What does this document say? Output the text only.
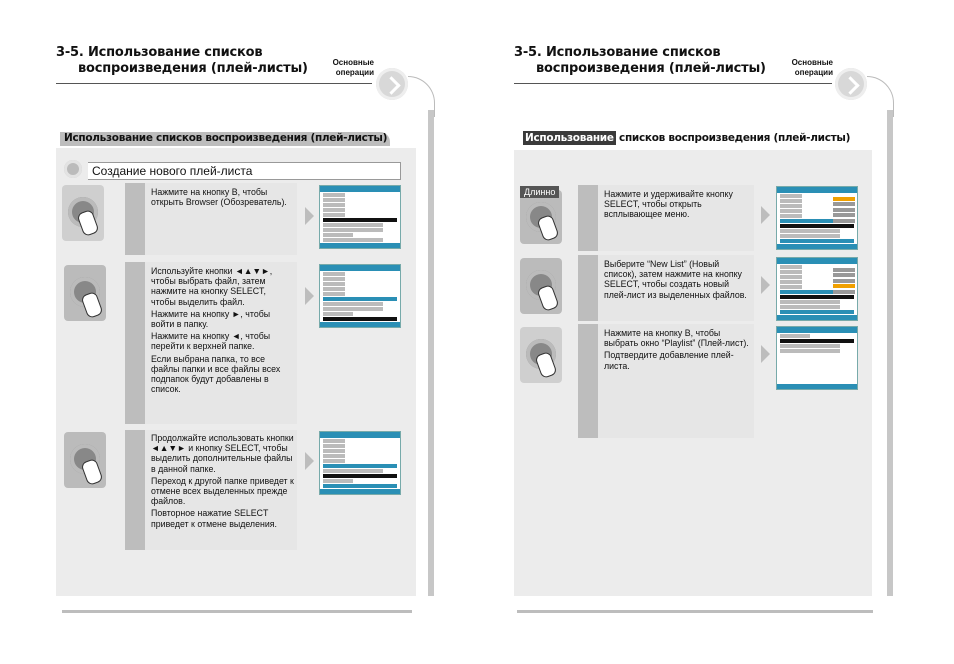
3-5. Использование списков
воспроизведения (плей-листы)	Основные
операции
Использование списков воспроизведения (плей-листы)
Создание нового плей-листа

Нажмите на кнопку B, чтобы открыть Browser (Обозреватель).

Используйте кнопки ◄▲▼►, чтобы выбрать файл, затем нажмите на кнопку SELECT, чтобы выделить файл.

Нажмите на кнопку ►, чтобы войти в папку.

Нажмите на кнопку ◄, чтобы перейти к верхней папке.

Если выбрана папка, то все файлы папки и все файлы всех подпапок будут добавлены в список.

Продолжайте использовать кнопки ◄▲▼► и кнопку SELECT, чтобы выделить дополнительные файлы в данной папке.

Переход к другой папке приведет к отмене всех выделенных прежде файлов.

Повторное нажатие SELECT приведет к отмене выделения.

3-5. Использование списков
воспроизведения (плей-листы)	Основные
операции
Использование списков воспроизведения (плей-листы)
Длинно	Нажмите и удерживайте кнопку SELECT, чтобы открыть всплывающее меню.

Выберите “New List” (Новый список), затем нажмите на кнопку SELECT, чтобы создать новый плей-лист из выделенных файлов.

Нажмите на кнопку B, чтобы выбрать окно “Playlist” (Плей-лист).

Подтвердите добавление плей-листа.
